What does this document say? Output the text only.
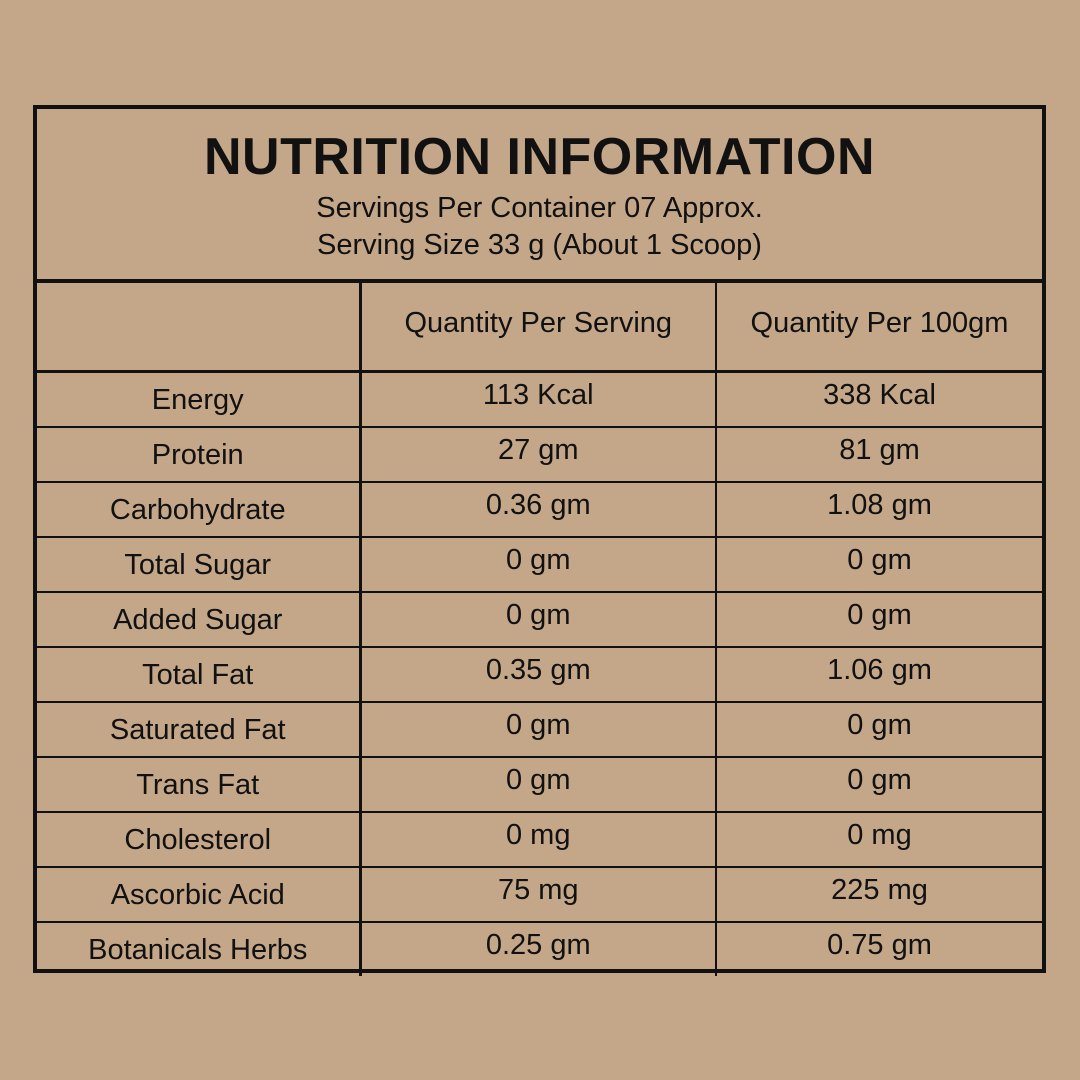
NUTRITION INFORMATION
Servings Per Container 07 Approx.
Serving Size 33 g (About 1 Scoop)
	Quantity Per Serving	Quantity Per 100gm
Energy	113 Kcal	338 Kcal
Protein	27 gm	81 gm
Carbohydrate	0.36 gm	1.08 gm
Total Sugar	0 gm	0 gm
Added Sugar	0 gm	0 gm
Total Fat	0.35 gm	1.06 gm
Saturated Fat	0 gm	0 gm
Trans Fat	0 gm	0 gm
Cholesterol	0 mg	0 mg
Ascorbic Acid	75 mg	225 mg
Botanicals Herbs	0.25 gm	0.75 gm
